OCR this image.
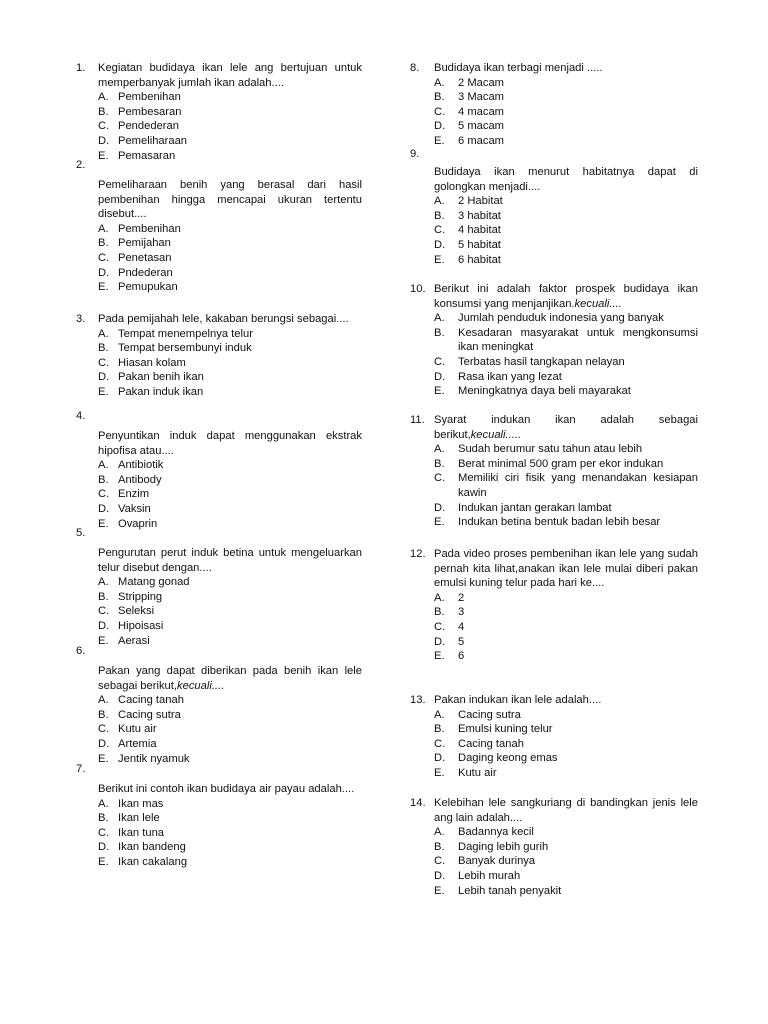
1. Kegiatan budidaya ikan lele ang bertujuan untuk memperbanyak jumlah ikan adalah....
A. Pembenihan
B. Pembesaran
C. Pendederan
D. Pemeliharaan
E. Pemasaran
2.
Pemeliharaan benih yang berasal dari hasil pembenihan hingga mencapai ukuran tertentu disebut....
A. Pembenihan
B. Pemijahan
C. Penetasan
D. Pndederan
E. Pemupukan
3. Pada pemijahah lele, kakaban berungsi sebagai....
A. Tempat menempelnya telur
B. Tempat bersembunyi induk
C. Hiasan kolam
D. Pakan benih ikan
E. Pakan induk ikan
4.
Penyuntikan induk dapat menggunakan ekstrak hipofisa atau....
A. Antibiotik
B. Antibody
C. Enzim
D. Vaksin
E. Ovaprin
5.
Pengurutan perut induk betina untuk mengeluarkan telur disebut dengan....
A. Matang gonad
B. Stripping
C. Seleksi
D. Hipoisasi
E. Aerasi
6.
Pakan yang dapat diberikan pada benih ikan lele sebagai berikut,kecuali....
A. Cacing tanah
B. Cacing sutra
C. Kutu air
D. Artemia
E. Jentik nyamuk
7.
Berikut ini contoh ikan budidaya air payau adalah....
A. Ikan mas
B. Ikan lele
C. Ikan tuna
D. Ikan bandeng
E. Ikan cakalang
8. Budidaya ikan terbagi menjadi .....
A.	2 Macam
B.	3 Macam
C.	4 macam
D.	5 macam
E.	6 macam
9.
Budidaya ikan menurut habitatnya dapat di golongkan menjadi....
A.	2 Habitat
B.	3 habitat
C.	4 habitat
D.	5 habitat
E.	6 habitat
10. Berikut ini adalah faktor prospek budidaya ikan konsumsi yang menjanjikan.kecuali....
A.	Jumlah penduduk indonesia yang banyak
B.	Kesadaran masyarakat untuk mengkonsumsi ikan meningkat
C.	Terbatas hasil tangkapan nelayan
D.	Rasa ikan yang lezat
E.	Meningkatnya daya beli mayarakat
11. Syarat indukan ikan adalah sebagai berikut,kecuali.....
A.	Sudah berumur satu tahun atau lebih
B.	Berat minimal 500 gram per ekor indukan
C.	Memiliki ciri fisik yang menandakan kesiapan kawin
D.	Indukan jantan gerakan lambat
E.	Indukan betina bentuk badan lebih besar
12. Pada video proses pembenihan ikan lele yang sudah pernah kita lihat,anakan ikan lele mulai diberi pakan emulsi kuning telur pada hari ke....
A.	2
B.	3
C.	4
D.	5
E.	6
13. Pakan indukan ikan lele adalah....
A.	Cacing sutra
B.	Emulsi kuning telur
C.	Cacing tanah
D.	Daging keong emas
E.	Kutu air
14. Kelebihan lele sangkuriang di bandingkan jenis lele ang lain adalah....
A.	Badannya kecil
B.	Daging lebih gurih
C.	Banyak durinya
D.	Lebih murah
E.	Lebih tanah penyakit
